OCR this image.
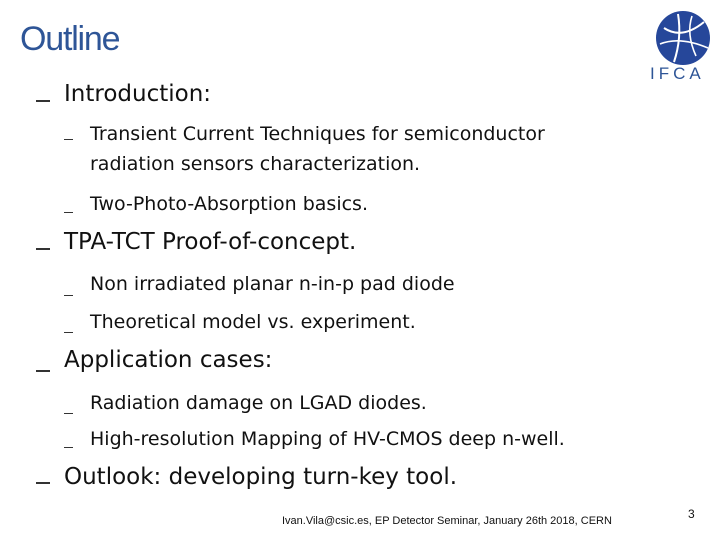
Outline
IFCA
Introduction:
Transient Current Techniques for semiconductor
radiation sensors characterization.
Two-Photo-Absorption basics.
TPA-TCT Proof-of-concept.
Non irradiated planar n-in-p pad diode
Theoretical model vs. experiment.
Application cases:
Radiation damage on LGAD diodes.
High-resolution Mapping of HV-CMOS deep n-well.
Outlook: developing turn-key tool.
Ivan.Vila@csic.es, EP Detector Seminar, January 26th 2018, CERN	3
